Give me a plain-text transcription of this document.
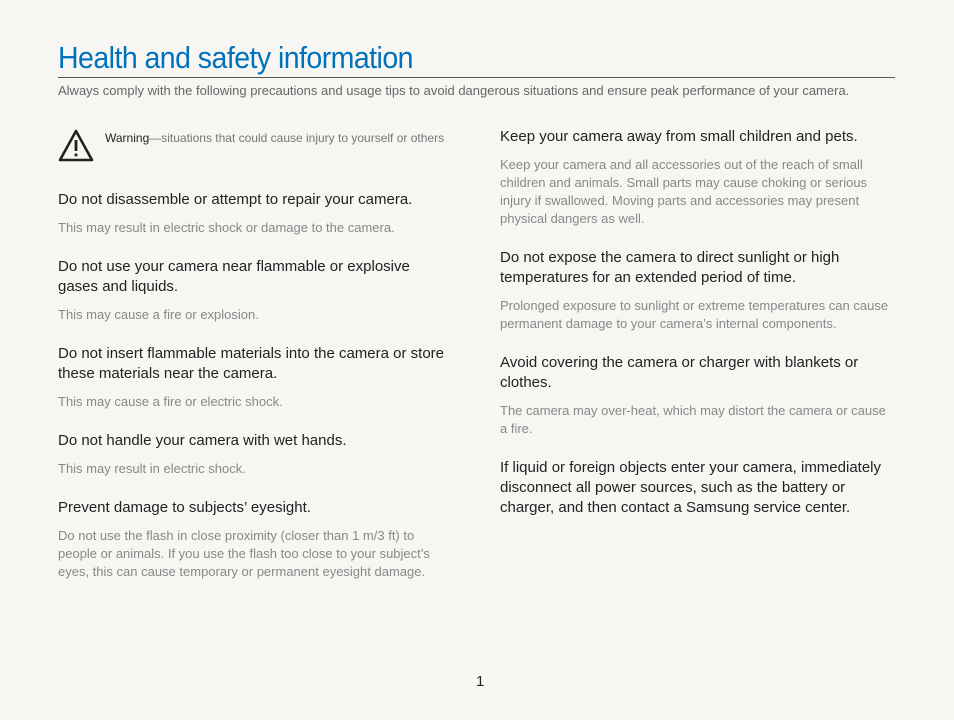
Health and safety information
Always comply with the following precautions and usage tips to avoid dangerous situations and ensure peak performance of your camera.
Warning—situations that could cause injury to yourself or others
Do not disassemble or attempt to repair your camera.
This may result in electric shock or damage to the camera.
Do not use your camera near flammable or explosive gases and liquids.
This may cause a fire or explosion.
Do not insert flammable materials into the camera or store these materials near the camera.
This may cause a fire or electric shock.
Do not handle your camera with wet hands.
This may result in electric shock.
Prevent damage to subjects’ eyesight.
Do not use the flash in close proximity (closer than 1 m/3 ft) to people or animals. If you use the flash too close to your subject’s eyes, this can cause temporary or permanent eyesight damage.
Keep your camera away from small children and pets.
Keep your camera and all accessories out of the reach of small children and animals. Small parts may cause choking or serious injury if swallowed. Moving parts and accessories may present physical dangers as well.
Do not expose the camera to direct sunlight or high temperatures for an extended period of time.
Prolonged exposure to sunlight or extreme temperatures can cause permanent damage to your camera’s internal components.
Avoid covering the camera or charger with blankets or clothes.
The camera may over-heat, which may distort the camera or cause a fire.
If liquid or foreign objects enter your camera, immediately disconnect all power sources, such as the battery or charger, and then contact a Samsung service center.
1
